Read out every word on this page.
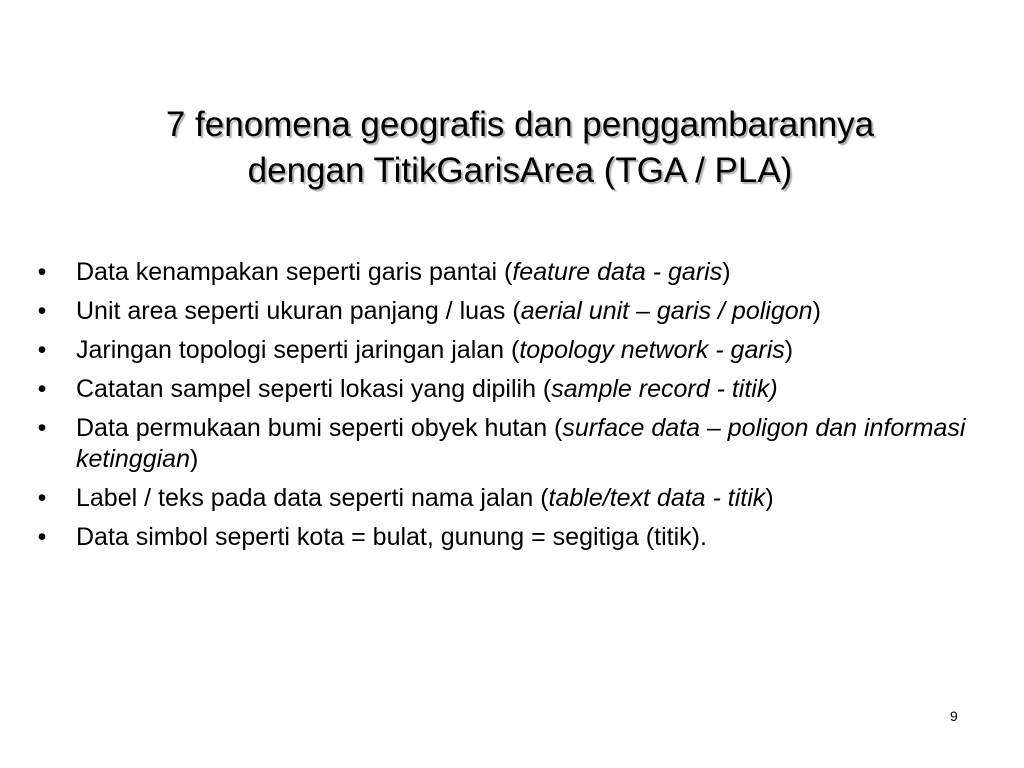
7 fenomena geografis dan penggambarannya
dengan TitikGarisArea (TGA / PLA)
• Data kenampakan seperti garis pantai (feature data - garis)
• Unit area seperti ukuran panjang / luas (aerial unit – garis / poligon)
• Jaringan topologi seperti jaringan jalan (topology network - garis)
• Catatan sampel seperti lokasi yang dipilih (sample record - titik)
• Data permukaan bumi seperti obyek hutan (surface data – poligon dan informasi ketinggian)
• Label / teks pada data seperti nama jalan (table/text data - titik)
• Data simbol seperti kota = bulat, gunung = segitiga (titik).
9
